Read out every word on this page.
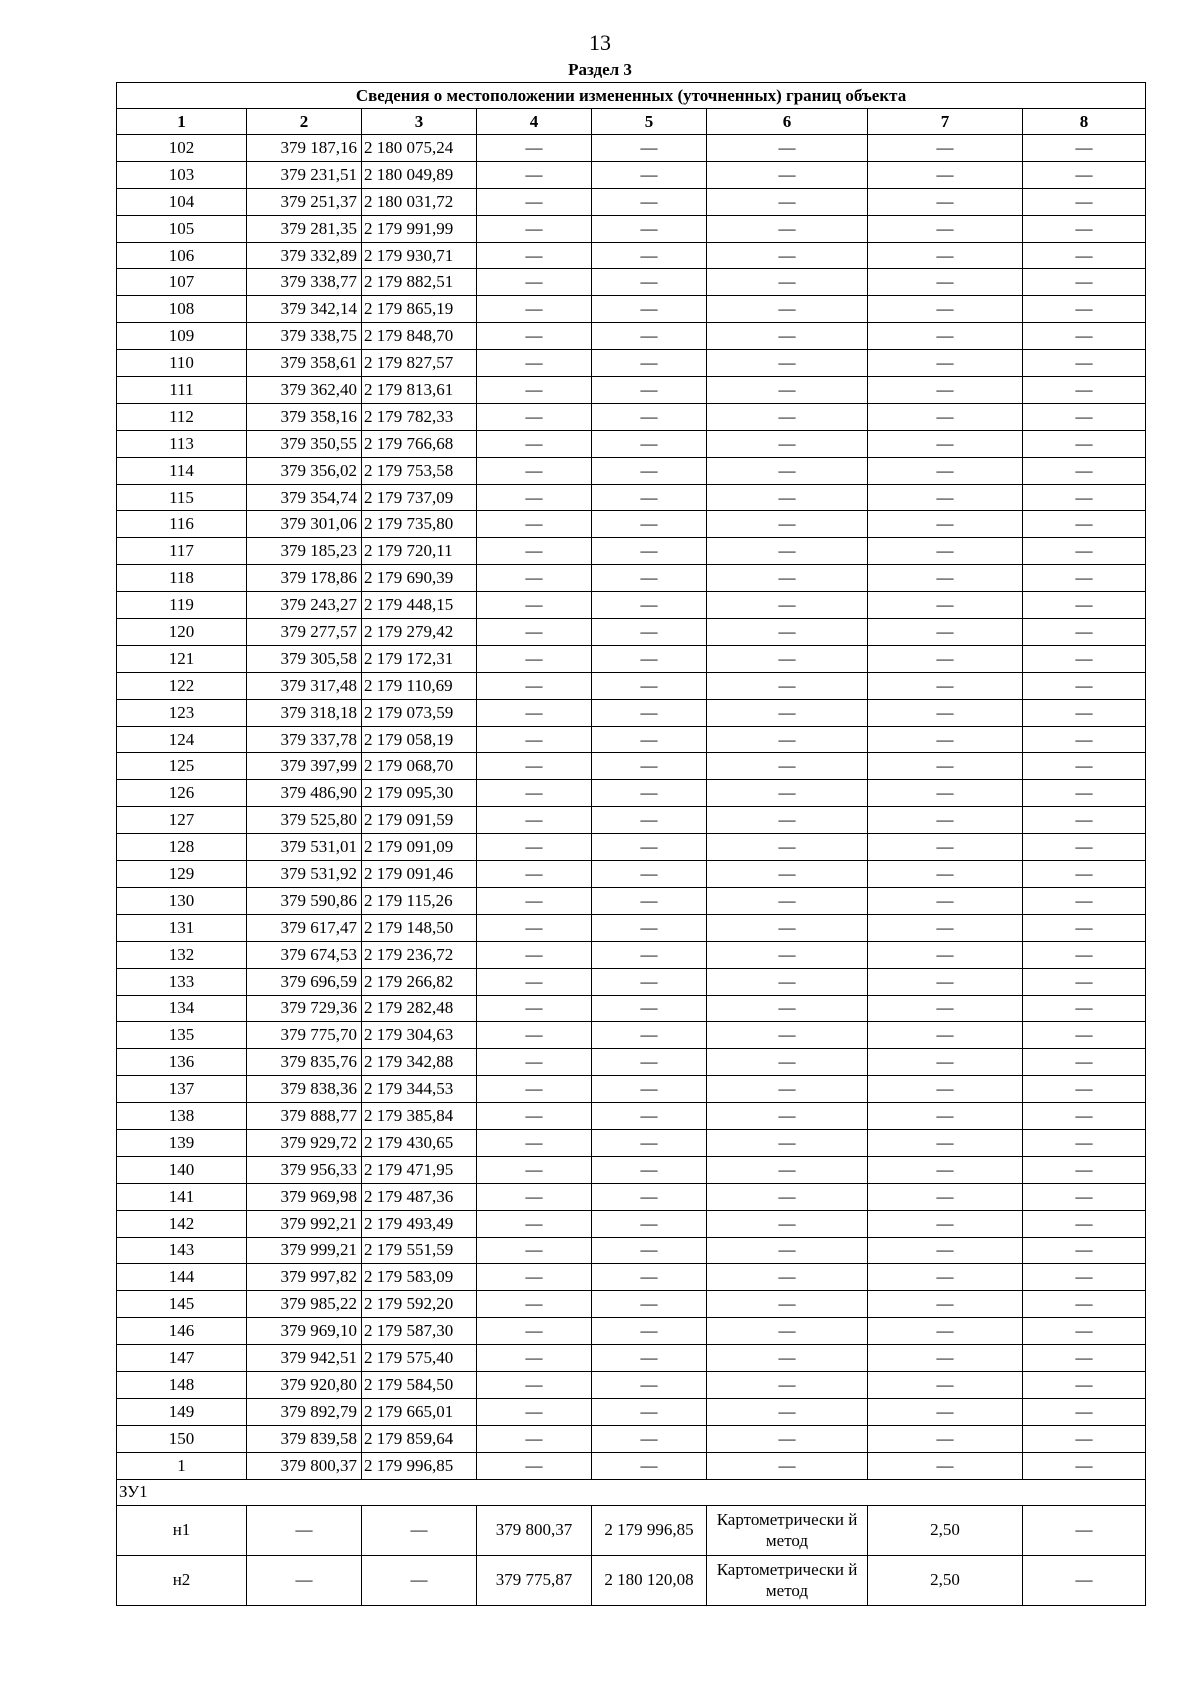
13
Раздел 3
Сведения о местоположении измененных (уточненных) границ объекта							
1	2	3	4	5	6	7	8
102	379 187,16	2 180 075,24	—	—	—	—	—
103	379 231,51	2 180 049,89	—	—	—	—	—
104	379 251,37	2 180 031,72	—	—	—	—	—
105	379 281,35	2 179 991,99	—	—	—	—	—
106	379 332,89	2 179 930,71	—	—	—	—	—
107	379 338,77	2 179 882,51	—	—	—	—	—
108	379 342,14	2 179 865,19	—	—	—	—	—
109	379 338,75	2 179 848,70	—	—	—	—	—
110	379 358,61	2 179 827,57	—	—	—	—	—
111	379 362,40	2 179 813,61	—	—	—	—	—
112	379 358,16	2 179 782,33	—	—	—	—	—
113	379 350,55	2 179 766,68	—	—	—	—	—
114	379 356,02	2 179 753,58	—	—	—	—	—
115	379 354,74	2 179 737,09	—	—	—	—	—
116	379 301,06	2 179 735,80	—	—	—	—	—
117	379 185,23	2 179 720,11	—	—	—	—	—
118	379 178,86	2 179 690,39	—	—	—	—	—
119	379 243,27	2 179 448,15	—	—	—	—	—
120	379 277,57	2 179 279,42	—	—	—	—	—
121	379 305,58	2 179 172,31	—	—	—	—	—
122	379 317,48	2 179 110,69	—	—	—	—	—
123	379 318,18	2 179 073,59	—	—	—	—	—
124	379 337,78	2 179 058,19	—	—	—	—	—
125	379 397,99	2 179 068,70	—	—	—	—	—
126	379 486,90	2 179 095,30	—	—	—	—	—
127	379 525,80	2 179 091,59	—	—	—	—	—
128	379 531,01	2 179 091,09	—	—	—	—	—
129	379 531,92	2 179 091,46	—	—	—	—	—
130	379 590,86	2 179 115,26	—	—	—	—	—
131	379 617,47	2 179 148,50	—	—	—	—	—
132	379 674,53	2 179 236,72	—	—	—	—	—
133	379 696,59	2 179 266,82	—	—	—	—	—
134	379 729,36	2 179 282,48	—	—	—	—	—
135	379 775,70	2 179 304,63	—	—	—	—	—
136	379 835,76	2 179 342,88	—	—	—	—	—
137	379 838,36	2 179 344,53	—	—	—	—	—
138	379 888,77	2 179 385,84	—	—	—	—	—
139	379 929,72	2 179 430,65	—	—	—	—	—
140	379 956,33	2 179 471,95	—	—	—	—	—
141	379 969,98	2 179 487,36	—	—	—	—	—
142	379 992,21	2 179 493,49	—	—	—	—	—
143	379 999,21	2 179 551,59	—	—	—	—	—
144	379 997,82	2 179 583,09	—	—	—	—	—
145	379 985,22	2 179 592,20	—	—	—	—	—
146	379 969,10	2 179 587,30	—	—	—	—	—
147	379 942,51	2 179 575,40	—	—	—	—	—
148	379 920,80	2 179 584,50	—	—	—	—	—
149	379 892,79	2 179 665,01	—	—	—	—	—
150	379 839,58	2 179 859,64	—	—	—	—	—
1	379 800,37	2 179 996,85	—	—	—	—	—
ЗУ1							
н1	—	—	379 800,37	2 179 996,85	Картометрически й метод	2,50	—
н2	—	—	379 775,87	2 180 120,08	Картометрически й метод	2,50	—
